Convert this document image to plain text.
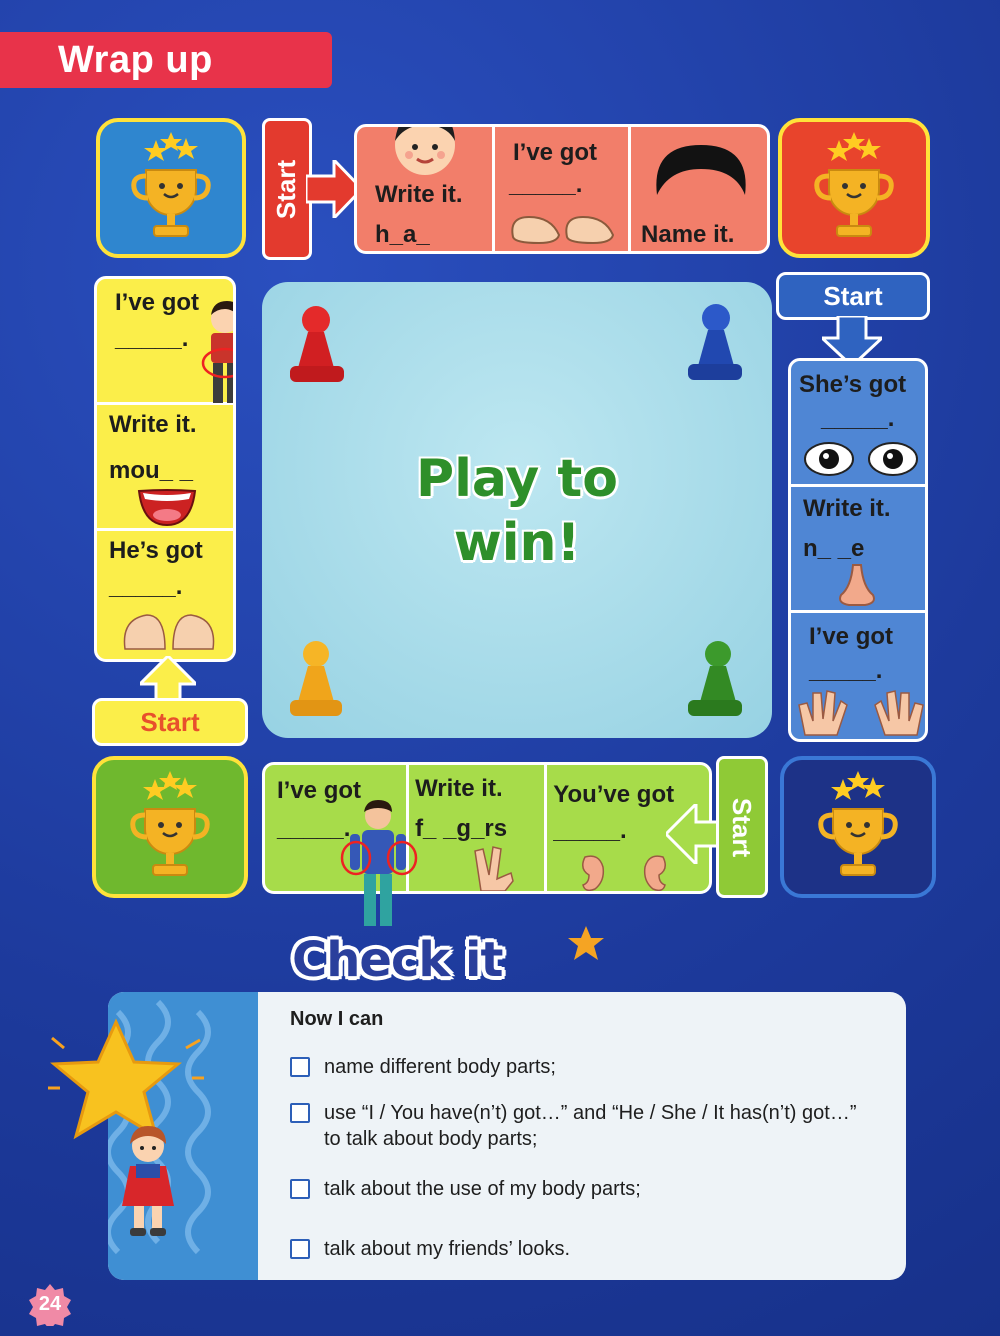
Wrap up
Start	Write it.
h_a_
I’ve got
_____.
Name it.
Start
She’s got
_____.
Write it.
n_ _e
I’ve got
_____.
I’ve got
_____.
Write it.
mou_ _
He’s got
_____.
Start
I’ve got
_____.
Write it.
f_ _g_rs
You’ve got
_____.	Start
Play to
win!
Check it
Now I can
name different body parts;
use “I / You have(n’t) got…” and “He / She / It has(n’t) got…” to talk about body parts;
talk about the use of my body parts;
talk about my friends’ looks.
24
